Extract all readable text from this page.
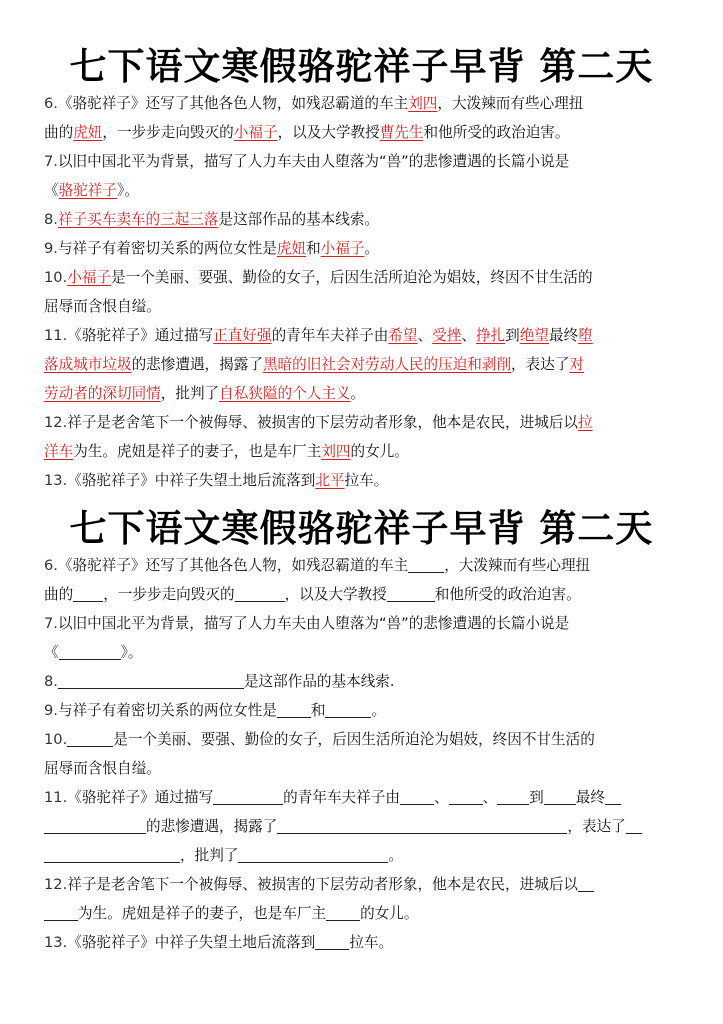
七下语文寒假骆驼祥子早背 第二天
6.《骆驼祥子》还写了其他各色人物，如残忍霸道的车主刘四，大泼辣而有些心理扭
曲的虎妞，一步步走向毁灭的小福子，以及大学教授曹先生和他所受的政治迫害。
7.以旧中国北平为背景，描写了人力车夫由人堕落为“兽”的悲惨遭遇的长篇小说是
《骆驼祥子》。
8.祥子买车卖车的三起三落是这部作品的基本线索。
9.与祥子有着密切关系的两位女性是虎妞和小福子。
10.小福子是一个美丽、要强、勤俭的女子，后因生活所迫沦为娼妓，终因不甘生活的
屈辱而含恨自缢。
11.《骆驼祥子》通过描写正直好强的青年车夫祥子由希望、受挫、挣扎到绝望最终堕
落成城市垃圾的悲惨遭遇，揭露了黑暗的旧社会对劳动人民的压迫和剥削，表达了对
劳动者的深切同情，批判了自私狭隘的个人主义。
12.祥子是老舍笔下一个被侮辱、被损害的下层劳动者形象，他本是农民，进城后以拉
洋车为生。虎妞是祥子的妻子，也是车厂主刘四的女儿。
13.《骆驼祥子》中祥子失望土地后流落到北平拉车。
七下语文寒假骆驼祥子早背 第二天
6.《骆驼祥子》还写了其他各色人物，如残忍霸道的车主 ，大泼辣而有些心理扭
曲的 ，一步步走向毁灭的	，以及大学教授	和他所受的政治迫害。
7.以旧中国北平为背景，描写了人力车夫由人堕落为“兽”的悲惨遭遇的长篇小说是
《	》。
8.	是这部作品的基本线索.
9.与祥子有着密切关系的两位女性是 和	。
10.	是一个美丽、要强、勤俭的女子，后因生活所迫沦为娼妓，终因不甘生活的
屈辱而含恨自缢。
11.《骆驼祥子》通过描写	的青年车夫祥子由 、 、 到 最终
的悲惨遭遇，揭露了	，表达了
，批判了	。
12.祥子是老舍笔下一个被侮辱、被损害的下层劳动者形象，他本是农民，进城后以
为生。虎妞是祥子的妻子，也是车厂主 的女儿。
13.《骆驼祥子》中祥子失望土地后流落到 拉车。
